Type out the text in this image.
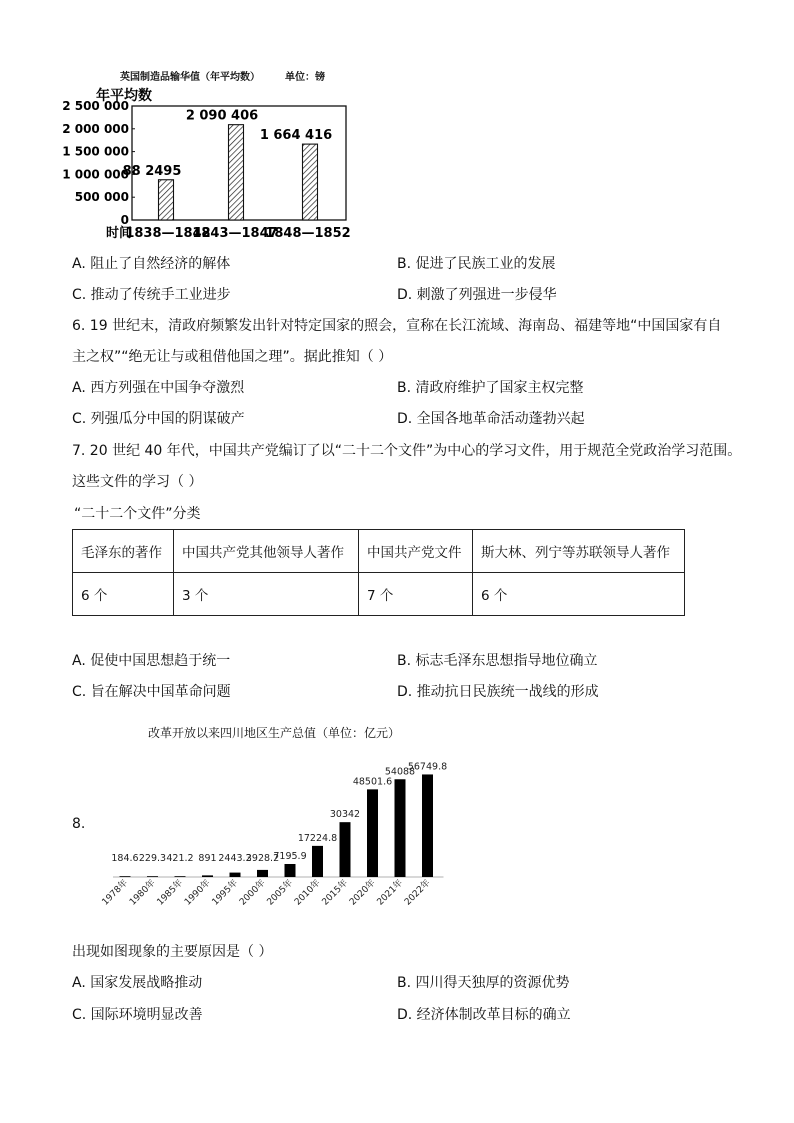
英国制造品输华值（年平均数） 单位：镑
年平均数
0
500 000
1 000 000
1 500 000
2 000 000
2 500 000
88 2495
2 090 406
1 664 416
时间
1838—1842
1843—1847
1848—1852
A. 阻止了自然经济的解体	B. 促进了民族工业的发展
C. 推动了传统手工业进步	D. 刺激了列强进一步侵华
6. 19 世纪末，清政府频繁发出针对特定国家的照会，宣称在长江流域、海南岛、福建等地“中国国家有自
主之权”“绝无让与或租借他国之理”。据此推知（ ）
A. 西方列强在中国争夺激烈	B. 清政府维护了国家主权完整
C. 列强瓜分中国的阴谋破产	D. 全国各地革命活动蓬勃兴起
7. 20 世纪 40 年代，中国共产党编订了以“二十二个文件”为中心的学习文件，用于规范全党政治学习范围。
这些文件的学习（ ）
“二十二个文件”分类
毛泽东的著作	中国共产党其他领导人著作	中国共产党文件	斯大林、列宁等苏联领导人著作
6 个	3 个	7 个	6 个
A. 促使中国思想趋于统一	B. 标志毛泽东思想指导地位确立
C. 旨在解决中国革命问题	D. 推动抗日民族统一战线的形成
改革开放以来四川地区生产总值（单位：亿元）
8.
184.6
1978年
229.3
1980年
421.2
1985年
891
1990年
2443.2
1995年
3928.2
2000年
7195.9
2005年
17224.8
2010年
30342
2015年
48501.6
2020年
54088
2021年
56749.8
2022年
出现如图现象的主要原因是（ ）
A. 国家发展战略推动	B. 四川得天独厚的资源优势
C. 国际环境明显改善	D. 经济体制改革目标的确立
